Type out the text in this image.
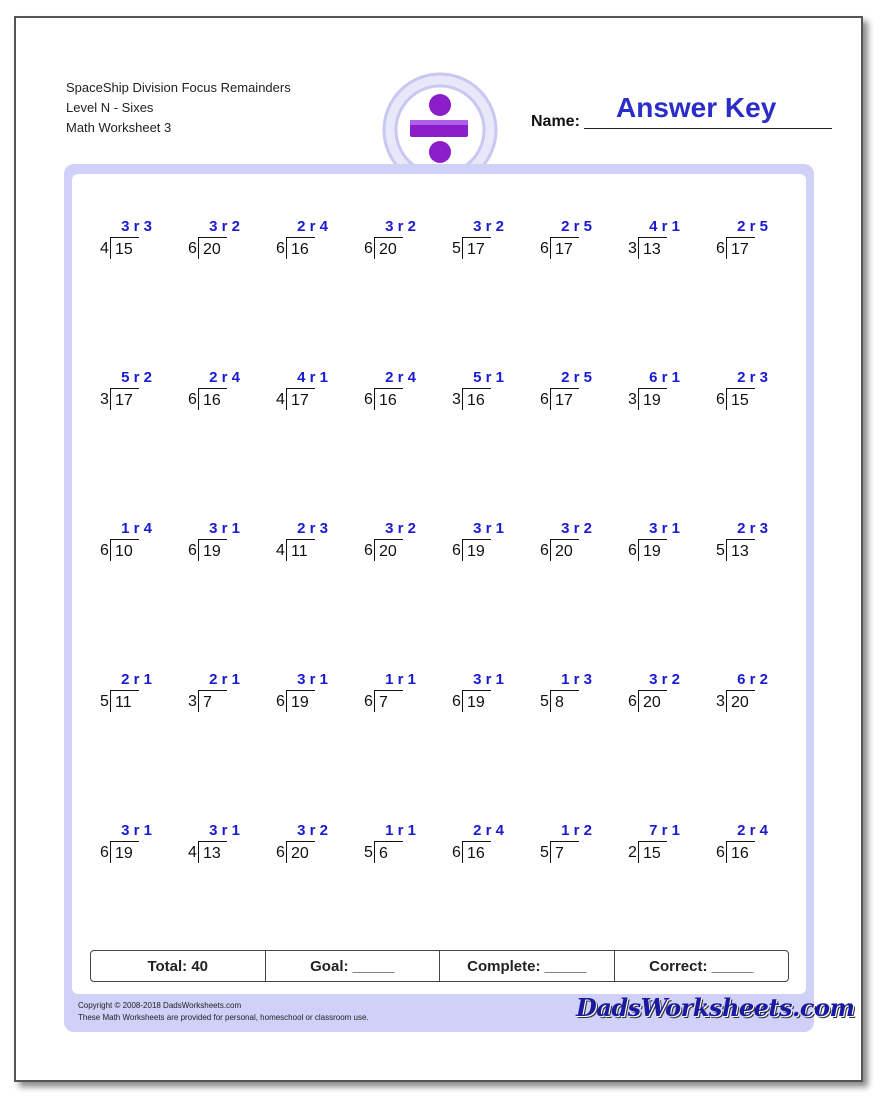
SpaceShip Division Focus Remainders
Level N - Sixes
Math Worksheet 3	Name: Answer Key
3 r 3
4 15
3 r 2
6 20
2 r 4
6 16
3 r 2
6 20
3 r 2
5 17
2 r 5
6 17
4 r 1
3 13
2 r 5
6 17
5 r 2
3 17
2 r 4
6 16
4 r 1
4 17
2 r 4
6 16
5 r 1
3 16
2 r 5
6 17
6 r 1
3 19
2 r 3
6 15
1 r 4
6 10
3 r 1
6 19
2 r 3
4 11
3 r 2
6 20
3 r 1
6 19
3 r 2
6 20
3 r 1
6 19
2 r 3
5 13
2 r 1
5 11
2 r 1
3 7
3 r 1
6 19
1 r 1
6 7
3 r 1
6 19
1 r 3
5 8
3 r 2
6 20
6 r 2
3 20
3 r 1
6 19
3 r 1
4 13
3 r 2
6 20
1 r 1
5 6
2 r 4
6 16
1 r 2
5 7
7 r 1
2 15
2 r 4
6 16
Total: 40	Goal: _____	Complete: _____	Correct: _____
Copyright © 2008-2018 DadsWorksheets.com
These Math Worksheets are provided for personal, homeschool or classroom use.	DadsWorksheets.com
